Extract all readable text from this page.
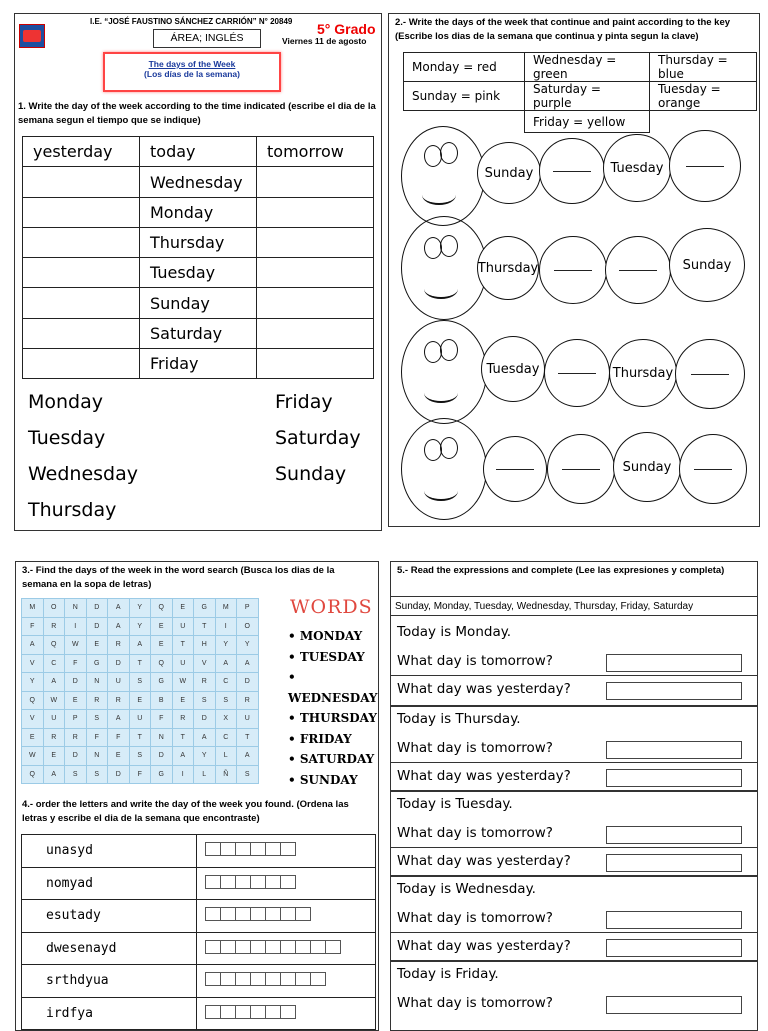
I.E. “JOSÉ FAUSTINO SÁNCHEZ CARRIÓN” N° 20849 5° Grado
ÁREA; INGLÉS	Viernes 11 de agosto
The days of the Week
(Los días de la semana)
1. Write the day of the week according to the time indicated (escribe el dia de la semana segun el tiempo que se indique)
yesterday	today	tomorrow
	Wednesday	
	Monday	
	Thursday	
	Tuesday	
	Sunday	
	Saturday	
	Friday	
Monday
Tuesday
Wednesday
Thursday
Friday
Saturday
Sunday
2.- Write the days of the week that continue and paint according to the key (Escribe los dias de la semana que continua y pinta segun la clave)
Monday = red	Wednesday = green	Thursday = blue
Sunday = pink	Saturday = purple	Tuesday = orange
	Friday = yellow	
Sunday	Tuesday
Thursday	Sunday
Tuesday	Thursday
Sunday
3.- Find the days of the week in the word search (Busca los dias de la semana en la sopa de letras)
M	O	N	D	A	Y	Q	E	G	M	P
F	R	I	D	A	Y	E	U	T	I	O
A	Q	W	E	R	A	E	T	H	Y	Y
V	C	F	G	D	T	Q	U	V	A	A
Y	A	D	N	U	S	G	W	R	C	D
Q	W	E	R	R	E	B	E	S	S	R
V	U	P	S	A	U	F	R	D	X	U
E	R	R	F	F	T	N	T	A	C	T
W	E	D	N	E	S	D	A	Y	L	A
Q	A	S	S	D	F	G	I	L	Ñ	S
WORDS
• MONDAY
• TUESDAY
• WEDNESDAY
• THURSDAY
• FRIDAY
• SATURDAY
• SUNDAY
4.- order the letters and write the day of the week you found. (Ordena las letras y escribe el dia de la semana que encontraste)
unasyd	
nomyad	
esutady	
dwesenayd	
srthdyua	
irdfya	
5.- Read the expressions and complete (Lee las expresiones y completa)
Sunday, Monday, Tuesday, Wednesday, Thursday, Friday, Saturday
Today is Monday.
What day is tomorrow?
What day was yesterday?
Today is Thursday.
What day is tomorrow?
What day was yesterday?
Today is Tuesday.
What day is tomorrow?
What day was yesterday?
Today is Wednesday.
What day is tomorrow?
What day was yesterday?
Today is Friday.
What day is tomorrow?
